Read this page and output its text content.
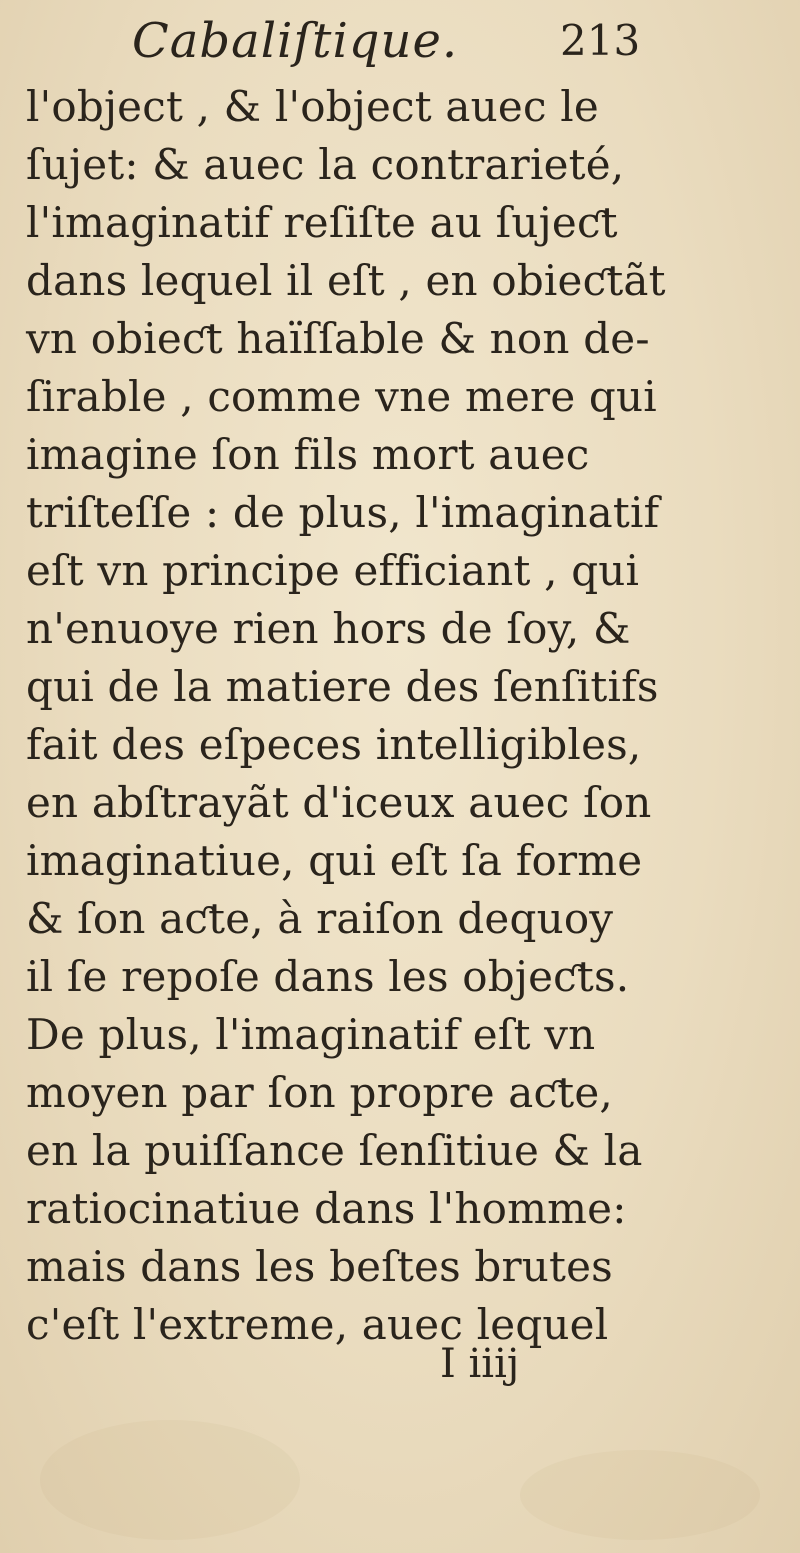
Cabaliſtique. 213
l'object , & l'object auec le
ſujet: & auec la contrarieté,
l'imaginatif reſiſte au ſujeƈt
dans lequel il eſt , en obieƈtãt
vn obieƈt haïſſable & non de-
ſirable , comme vne mere qui
imagine ſon fils mort auec
triſteſſe : de plus, l'imaginatif
eſt vn principe efficiant , qui
n'enuoye rien hors de ſoy, &
qui de la matiere des ſenſitifs
fait des eſpeces intelligibles,
en abſtrayãt d'iceux auec ſon
imaginatiue, qui eſt ſa forme
& ſon aƈte, à raiſon dequoy
il ſe repoſe dans les objeƈts.
De plus, l'imaginatif eſt vn
moyen par ſon propre aƈte,
en la puiſſance ſenſitiue & la
ratiocinatiue dans l'homme:
mais dans les beſtes brutes
c'eſt l'extreme, auec lequel
I iiij
